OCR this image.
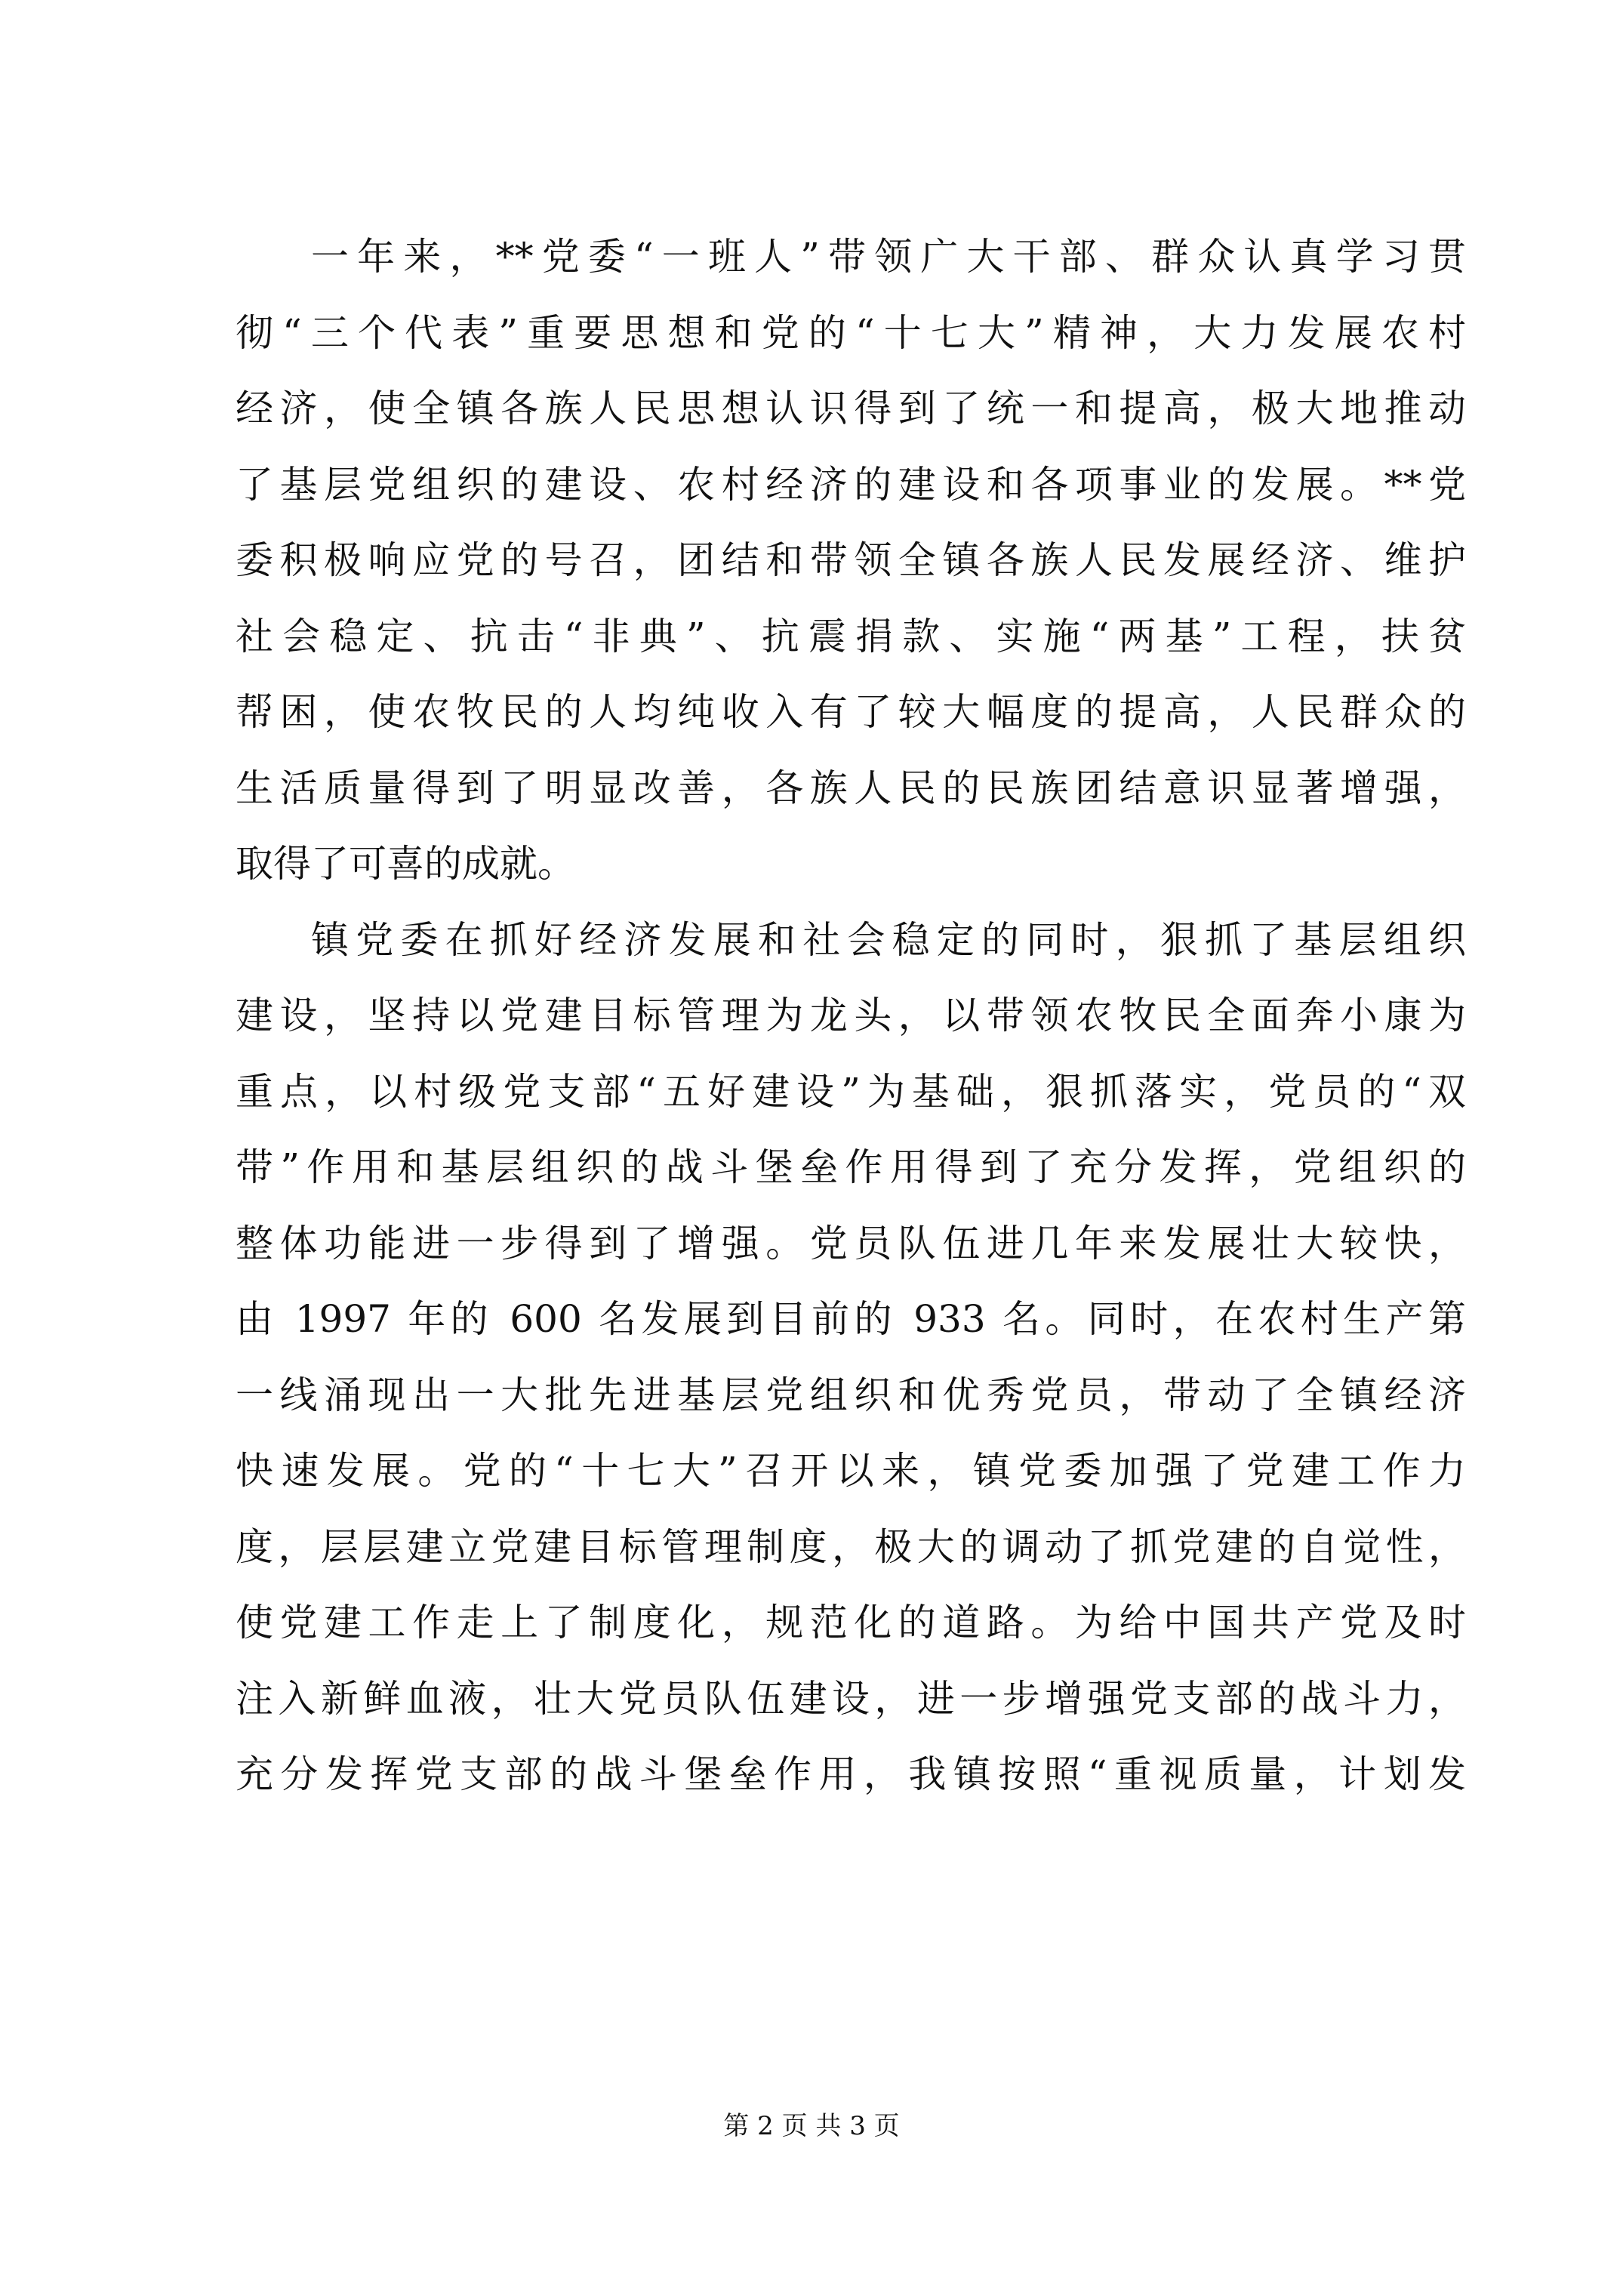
一年来，**党委“一班人”带领广大干部、群众认真学习贯
彻“三个代表”重要思想和党的“十七大”精神，大力发展农村
经济，使全镇各族人民思想认识得到了统一和提高，极大地推动
了基层党组织的建设、农村经济的建设和各项事业的发展。**党
委积极响应党的号召，团结和带领全镇各族人民发展经济、维护
社会稳定、抗击“非典”、抗震捐款、实施“两基”工程，扶贫
帮困，使农牧民的人均纯收入有了较大幅度的提高，人民群众的
生活质量得到了明显改善，各族人民的民族团结意识显著增强，
取得了可喜的成就。
镇党委在抓好经济发展和社会稳定的同时，狠抓了基层组织
建设，坚持以党建目标管理为龙头，以带领农牧民全面奔小康为
重点，以村级党支部“五好建设”为基础，狠抓落实，党员的“双
带”作用和基层组织的战斗堡垒作用得到了充分发挥，党组织的
整体功能进一步得到了增强。党员队伍进几年来发展壮大较快，
由 1997 年的 600 名发展到目前的 933 名。同时，在农村生产第
一线涌现出一大批先进基层党组织和优秀党员，带动了全镇经济
快速发展。党的“十七大”召开以来，镇党委加强了党建工作力
度，层层建立党建目标管理制度，极大的调动了抓党建的自觉性，
使党建工作走上了制度化，规范化的道路。为给中国共产党及时
注入新鲜血液，壮大党员队伍建设，进一步增强党支部的战斗力，
充分发挥党支部的战斗堡垒作用，我镇按照“重视质量，计划发
第 2 页 共 3 页
